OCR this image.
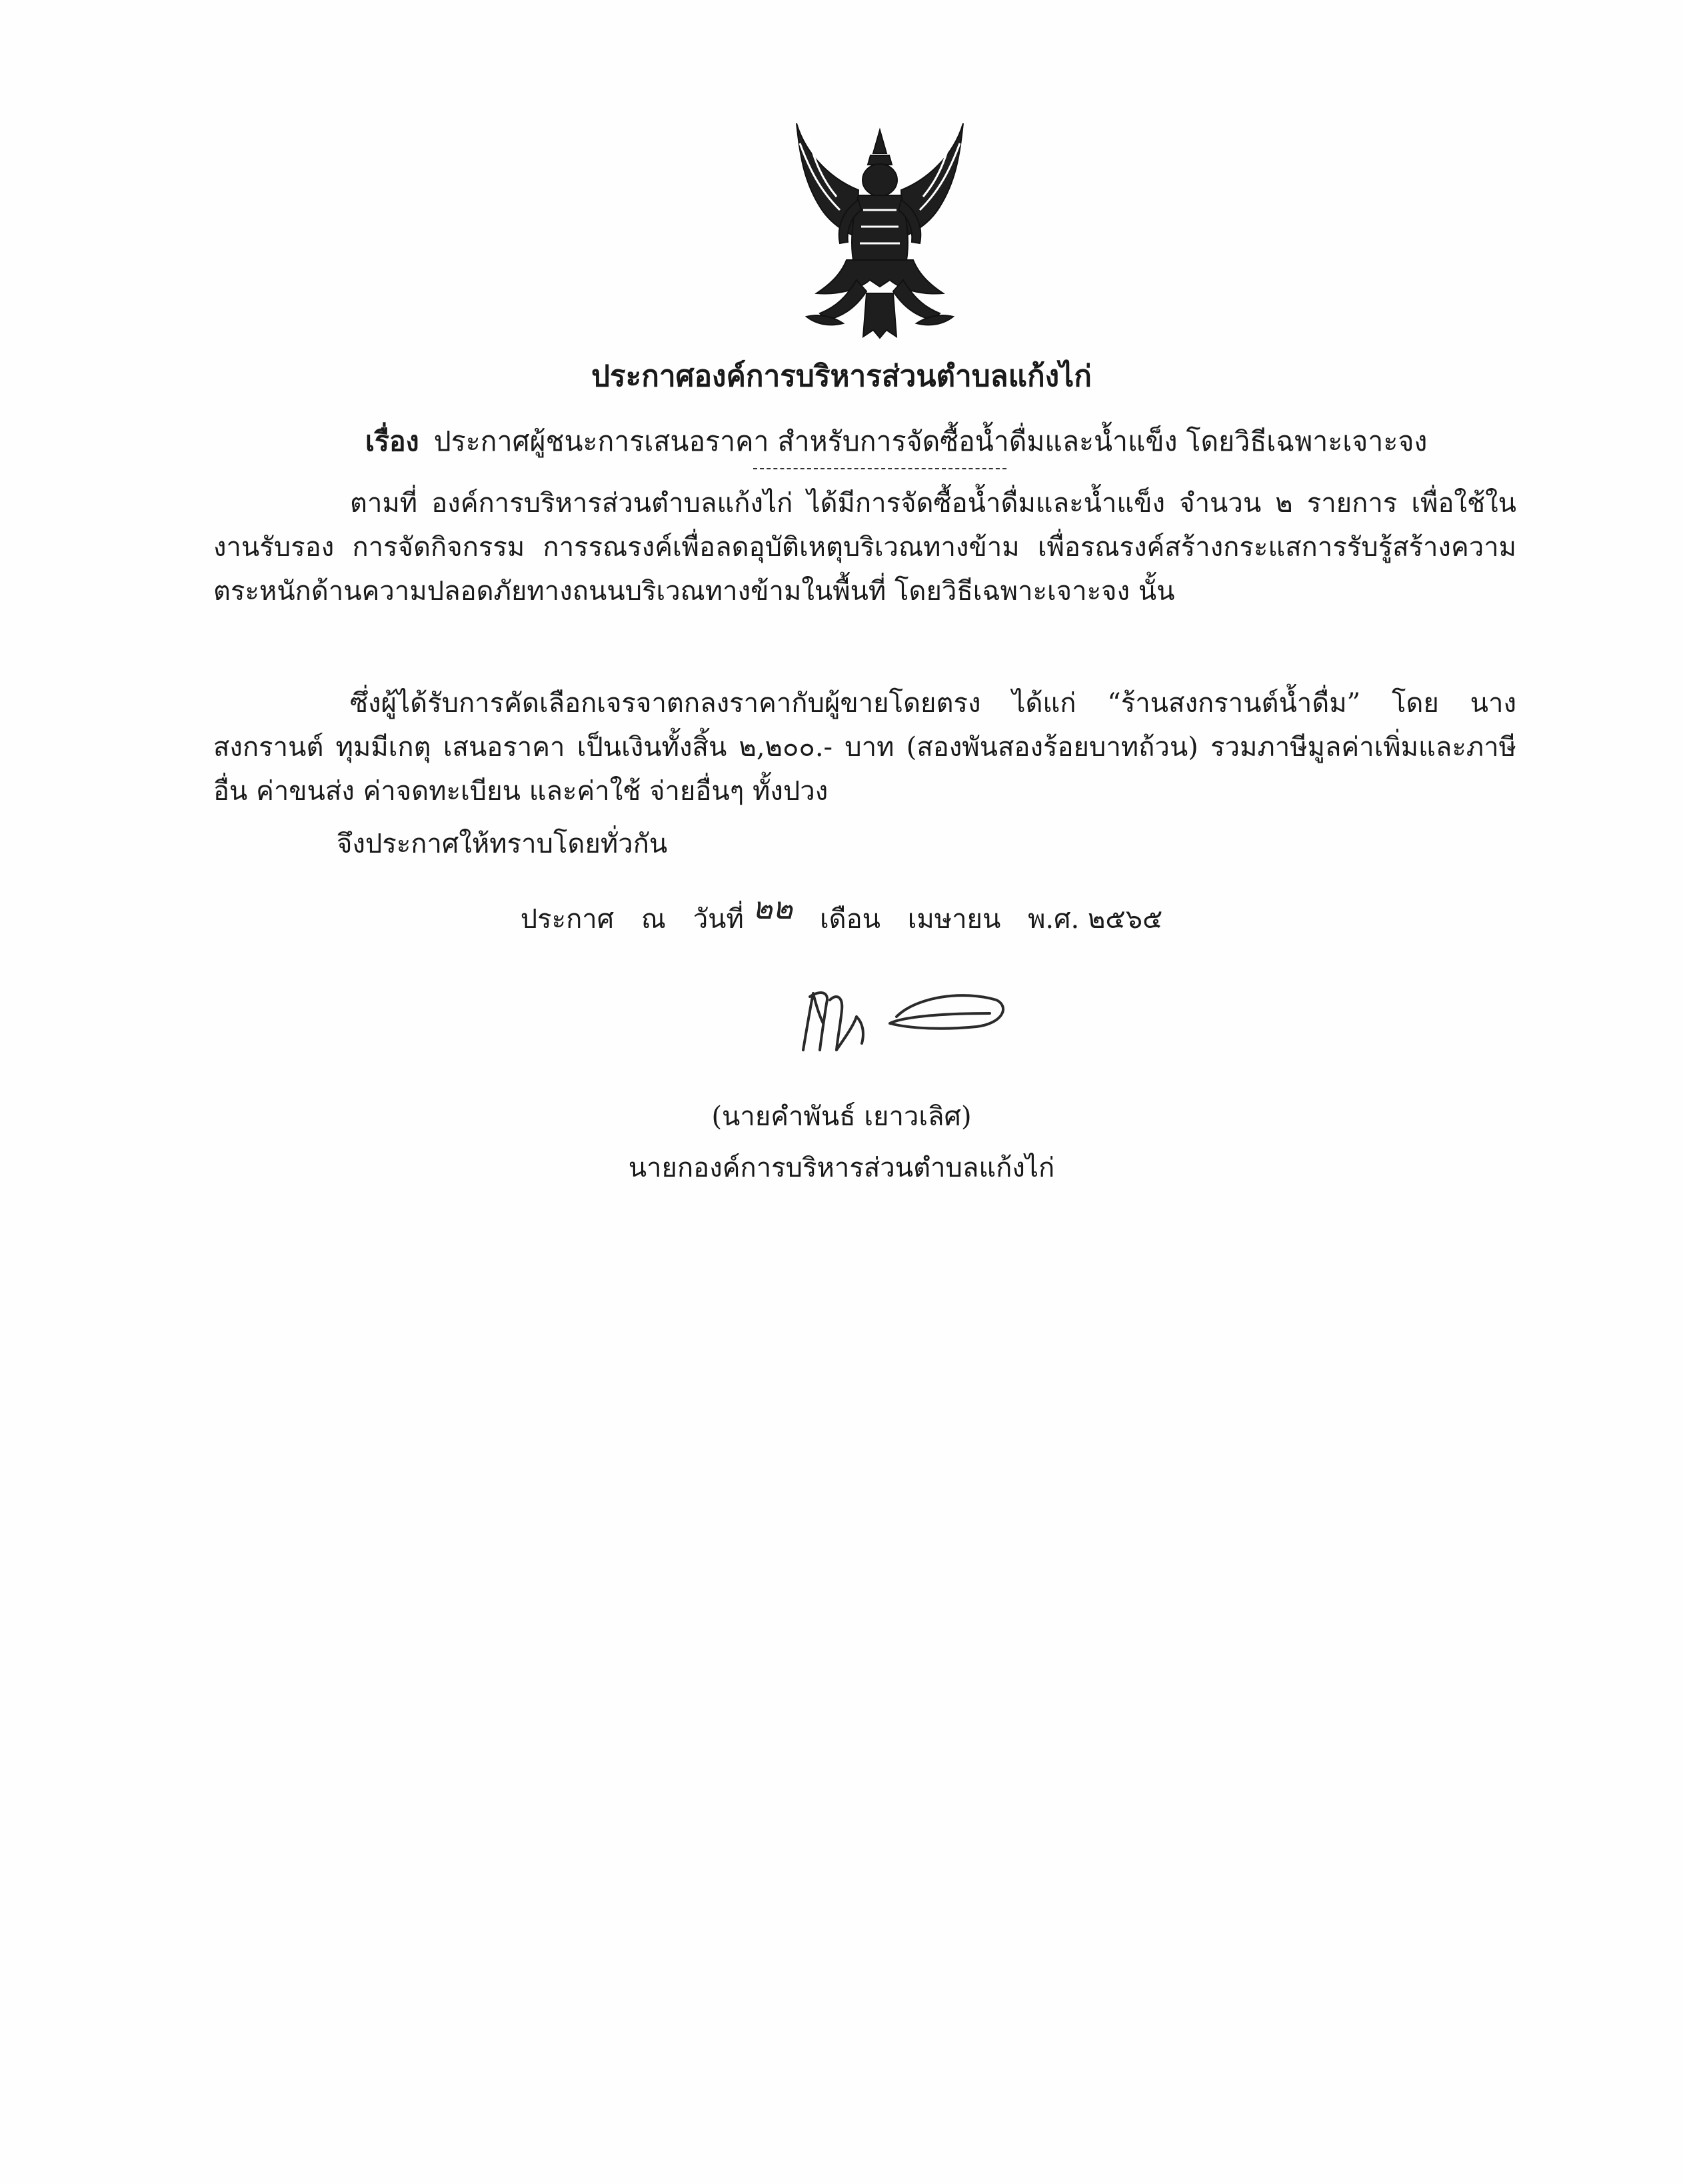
ประกาศองค์การบริหารส่วนตำบลแก้งไก่
เรื่อง ประกาศผู้ชนะการเสนอราคา สำหรับการจัดซื้อน้ำดื่มและน้ำแข็ง โดยวิธีเฉพาะเจาะจง

ตามที่ องค์การบริหารส่วนตำบลแก้งไก่ ได้มีการจัดซื้อน้ำดื่มและน้ำแข็ง จำนวน ๒ รายการ เพื่อใช้ในงานรับรอง การจัดกิจกรรม การรณรงค์เพื่อลดอุบัติเหตุบริเวณทางข้าม เพื่อรณรงค์สร้างกระแสการรับรู้สร้างความตระหนักด้านความปลอดภัยทางถนนบริเวณทางข้ามในพื้นที่ โดยวิธีเฉพาะเจาะจง นั้น

ซึ่งผู้ได้รับการคัดเลือกเจรจาตกลงราคากับผู้ขายโดยตรง ได้แก่ “ร้านสงกรานต์น้ำดื่ม” โดย นางสงกรานต์ ทุมมีเกตุ เสนอราคา เป็นเงินทั้งสิ้น ๒,๒๐๐.- บาท (สองพันสองร้อยบาทถ้วน) รวมภาษีมูลค่าเพิ่มและภาษีอื่น ค่าขนส่ง ค่าจดทะเบียน และค่าใช้ จ่ายอื่นๆ ทั้งปวง

จึงประกาศให้ทราบโดยทั่วกัน
ประกาศ ณ วันที่ ๒๒ เดือน เมษายน พ.ศ. ๒๕๖๕
(นายคำพันธ์ เยาวเลิศ)
นายกองค์การบริหารส่วนตำบลแก้งไก่
